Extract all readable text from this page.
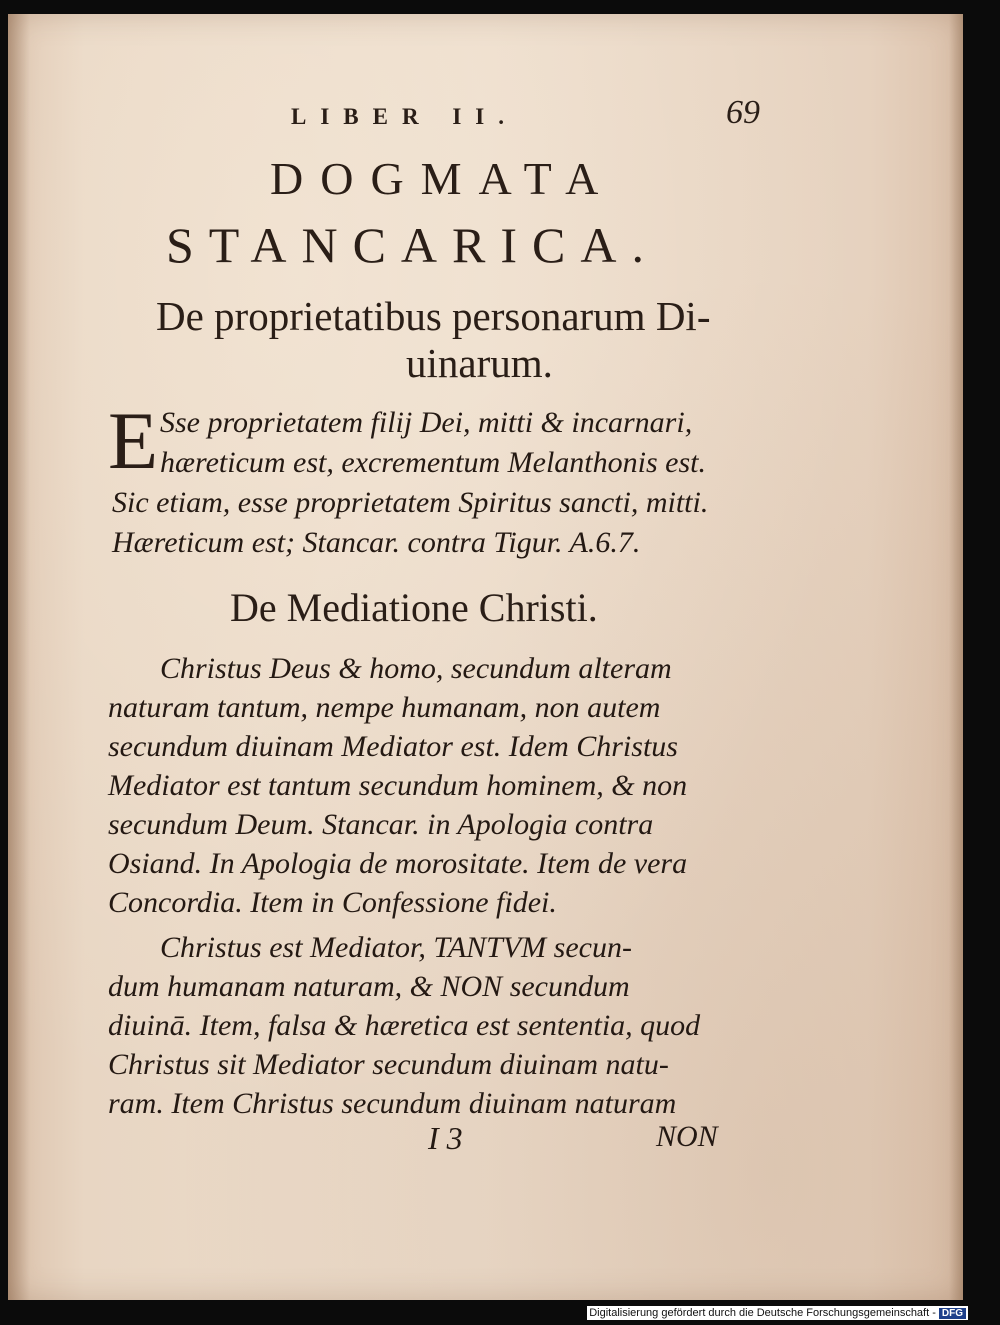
LIBER II.	69
DOGMATA
STANCARICA.
De proprietatibus personarum Di-
uinarum.
E Sse proprietatem filij Dei, mitti & incarnari,
hæreticum est, excrementum Melanthonis est.
Sic etiam, esse proprietatem Spiritus sancti, mitti.
Hæreticum est; Stancar. contra Tigur. A.6.7.
De Mediatione Christi.
Christus Deus & homo, secundum alteram
naturam tantum, nempe humanam, non autem
secundum diuinam Mediator est. Idem Christus
Mediator est tantum secundum hominem, & non
secundum Deum. Stancar. in Apologia contra
Osiand. In Apologia de morositate. Item de vera
Concordia. Item in Confessione fidei.
Christus est Mediator, TANTVM secun-
dum humanam naturam, & NON secundum
diuinā. Item, falsa & hæretica est sententia, quod
Christus sit Mediator secundum diuinam natu-
ram. Item Christus secundum diuinam naturam
I 3	NON
Digitalisierung gefördert durch die Deutsche Forschungsgemeinschaft - DFG
